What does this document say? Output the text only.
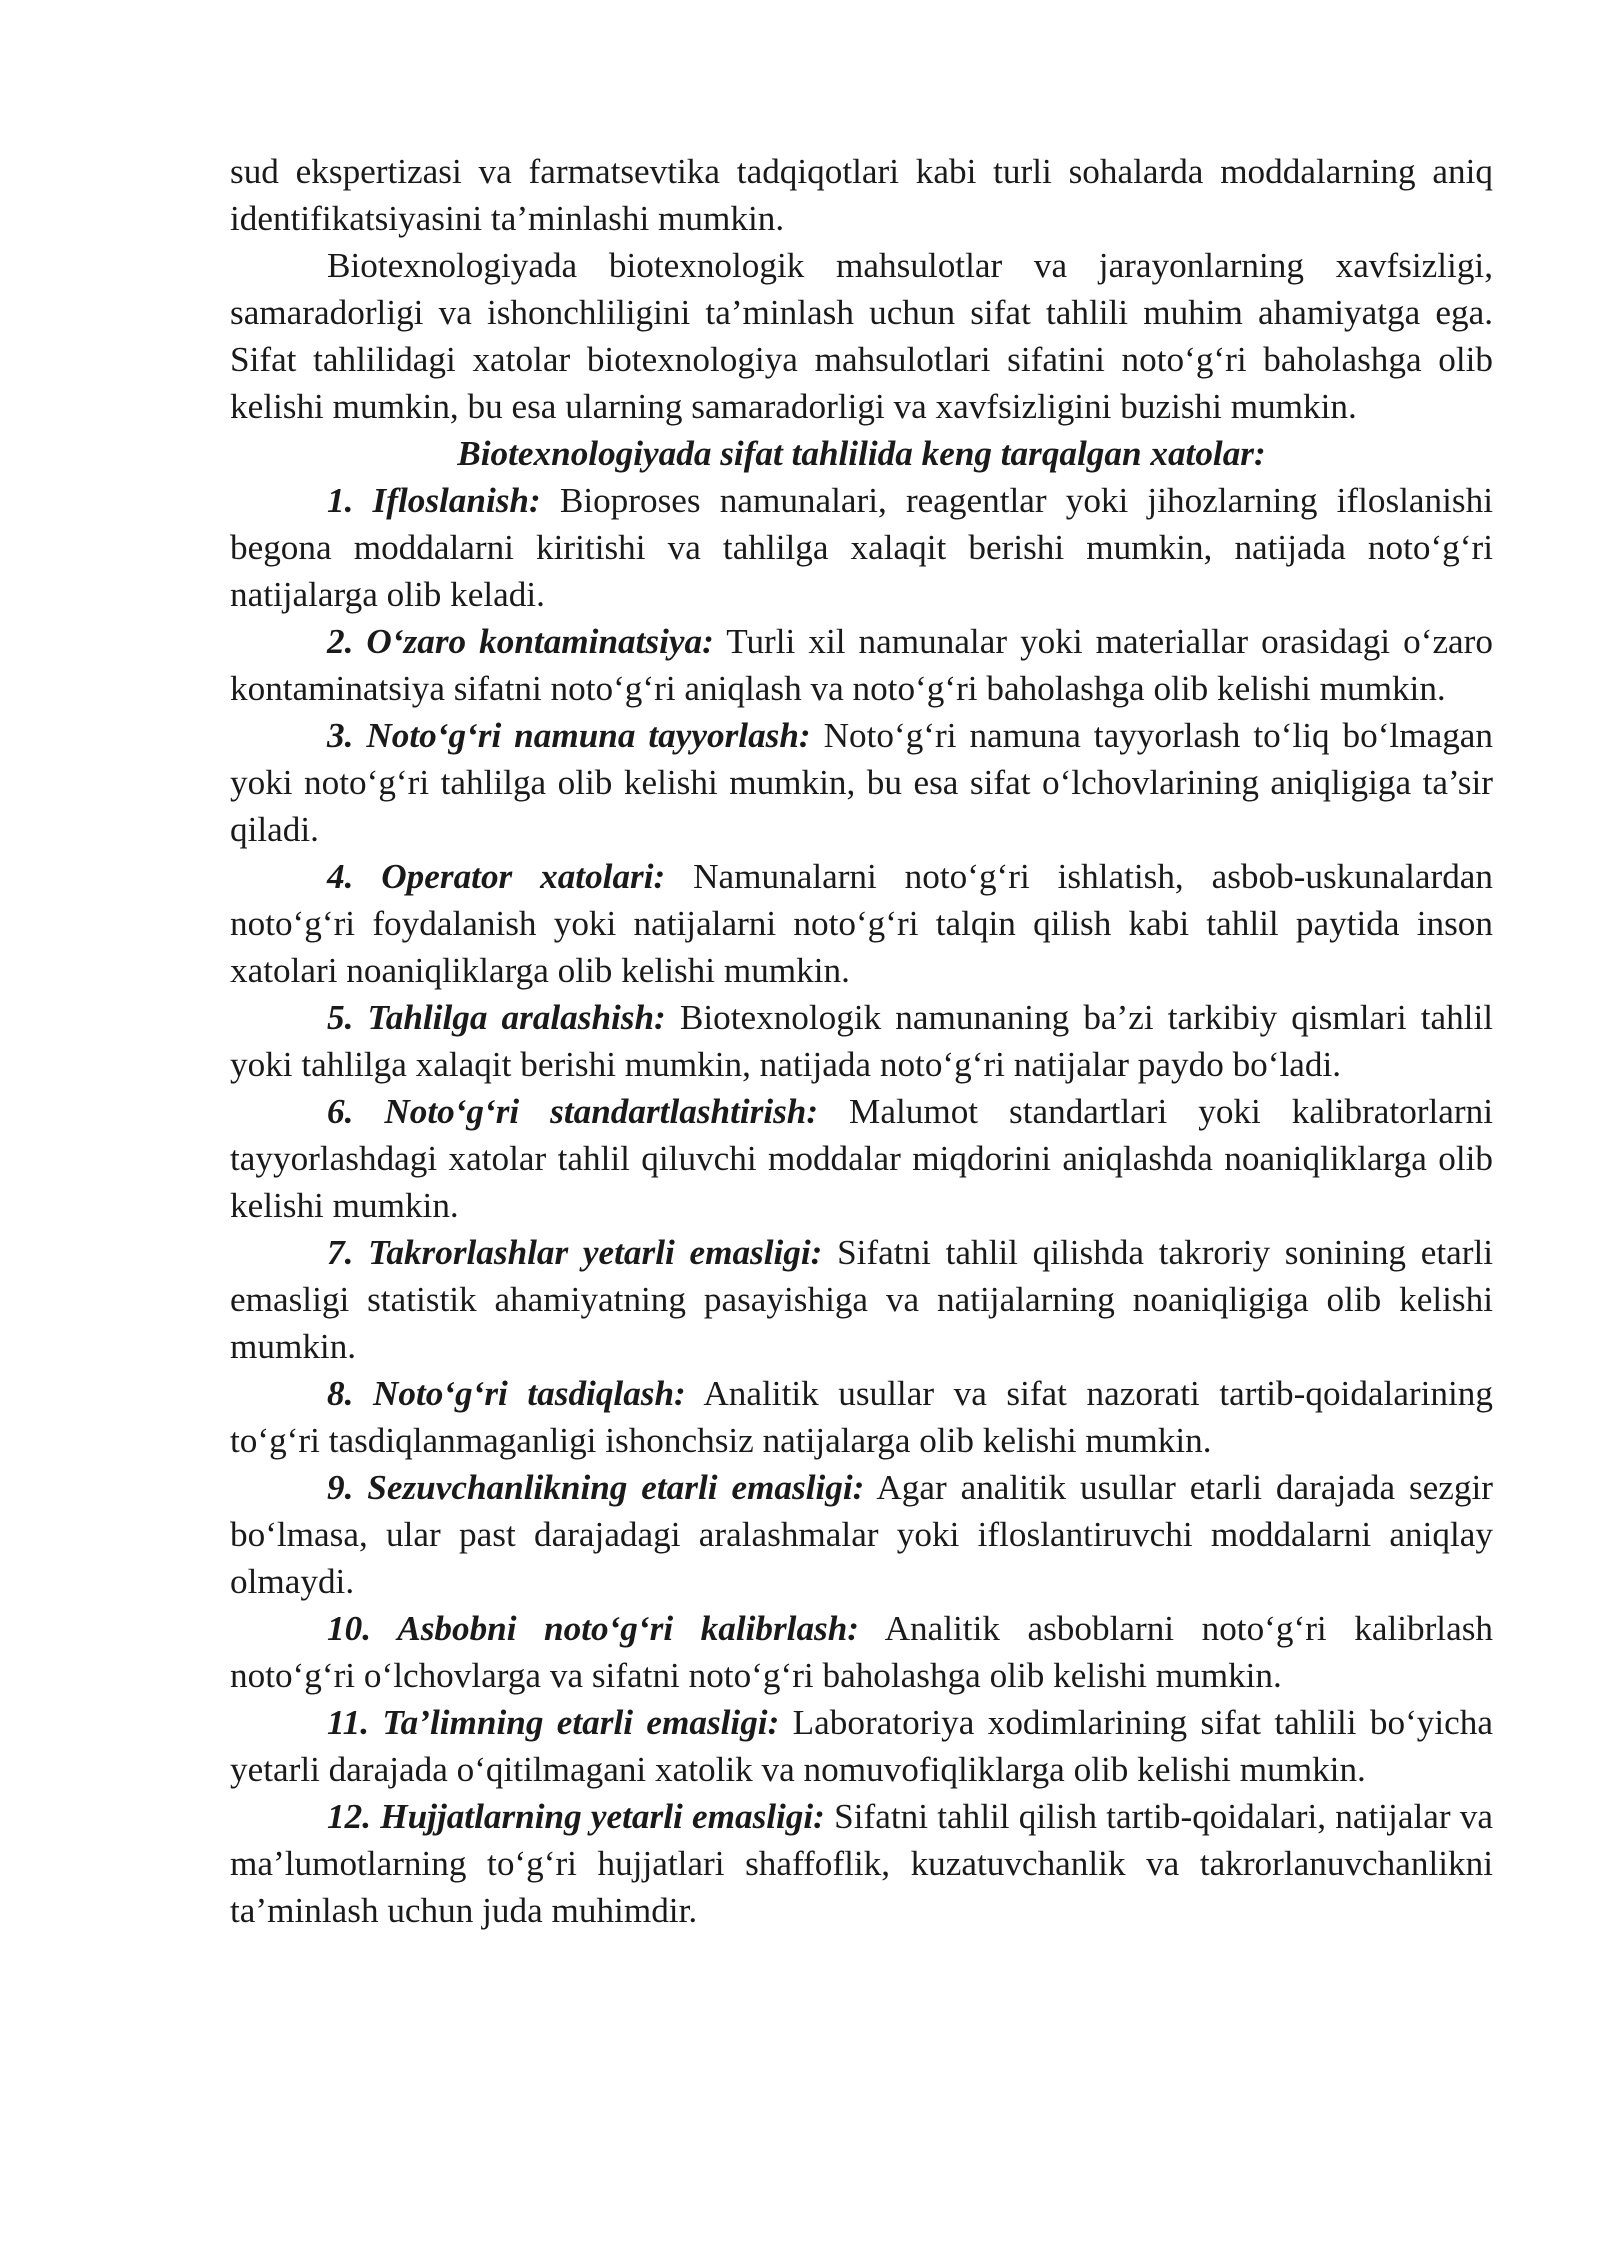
sud ekspertizasi va farmatsevtika tadqiqotlari kabi turli sohalarda moddalarning aniq identifikatsiyasini ta’minlashi mumkin.

Biotexnologiyada biotexnologik mahsulotlar va jarayonlarning xavfsizligi, samaradorligi va ishonchliligini ta’minlash uchun sifat tahlili muhim ahamiyatga ega. Sifat tahlilidagi xatolar biotexnologiya mahsulotlari sifatini noto‘g‘ri baholashga olib kelishi mumkin, bu esa ularning samaradorligi va xavfsizligini buzishi mumkin.

Biotexnologiyada sifat tahlilida keng tarqalgan xatolar:

1. Ifloslanish: Bioproses namunalari, reagentlar yoki jihozlarning ifloslanishi begona moddalarni kiritishi va tahlilga xalaqit berishi mumkin, natijada noto‘g‘ri natijalarga olib keladi.

2. O‘zaro kontaminatsiya: Turli xil namunalar yoki materiallar orasidagi o‘zaro kontaminatsiya sifatni noto‘g‘ri aniqlash va noto‘g‘ri baholashga olib kelishi mumkin.

3. Noto‘g‘ri namuna tayyorlash: Noto‘g‘ri namuna tayyorlash to‘liq bo‘lmagan yoki noto‘g‘ri tahlilga olib kelishi mumkin, bu esa sifat o‘lchovlarining aniqligiga ta’sir qiladi.

4. Operator xatolari: Namunalarni noto‘g‘ri ishlatish, asbob-uskunalardan noto‘g‘ri foydalanish yoki natijalarni noto‘g‘ri talqin qilish kabi tahlil paytida inson xatolari noaniqliklarga olib kelishi mumkin.

5. Tahlilga aralashish: Biotexnologik namunaning ba’zi tarkibiy qismlari tahlil yoki tahlilga xalaqit berishi mumkin, natijada noto‘g‘ri natijalar paydo bo‘ladi.

6. Noto‘g‘ri standartlashtirish: Malumot standartlari yoki kalibratorlarni tayyorlashdagi xatolar tahlil qiluvchi moddalar miqdorini aniqlashda noaniqliklarga olib kelishi mumkin.

7. Takrorlashlar yetarli emasligi: Sifatni tahlil qilishda takroriy sonining etarli emasligi statistik ahamiyatning pasayishiga va natijalarning noaniqligiga olib kelishi mumkin.

8. Noto‘g‘ri tasdiqlash: Analitik usullar va sifat nazorati tartib-qoidalarining to‘g‘ri tasdiqlanmaganligi ishonchsiz natijalarga olib kelishi mumkin.

9. Sezuvchanlikning etarli emasligi: Agar analitik usullar etarli darajada sezgir bo‘lmasa, ular past darajadagi aralashmalar yoki ifloslantiruvchi moddalarni aniqlay olmaydi.

10. Asbobni noto‘g‘ri kalibrlash: Analitik asboblarni noto‘g‘ri kalibrlash noto‘g‘ri o‘lchovlarga va sifatni noto‘g‘ri baholashga olib kelishi mumkin.

11. Ta’limning etarli emasligi: Laboratoriya xodimlarining sifat tahlili bo‘yicha yetarli darajada o‘qitilmagani xatolik va nomuvofiqliklarga olib kelishi mumkin.

12. Hujjatlarning yetarli emasligi: Sifatni tahlil qilish tartib-qoidalari, natijalar va ma’lumotlarning to‘g‘ri hujjatlari shaffoflik, kuzatuvchanlik va takrorlanuvchanlikni ta’minlash uchun juda muhimdir.
